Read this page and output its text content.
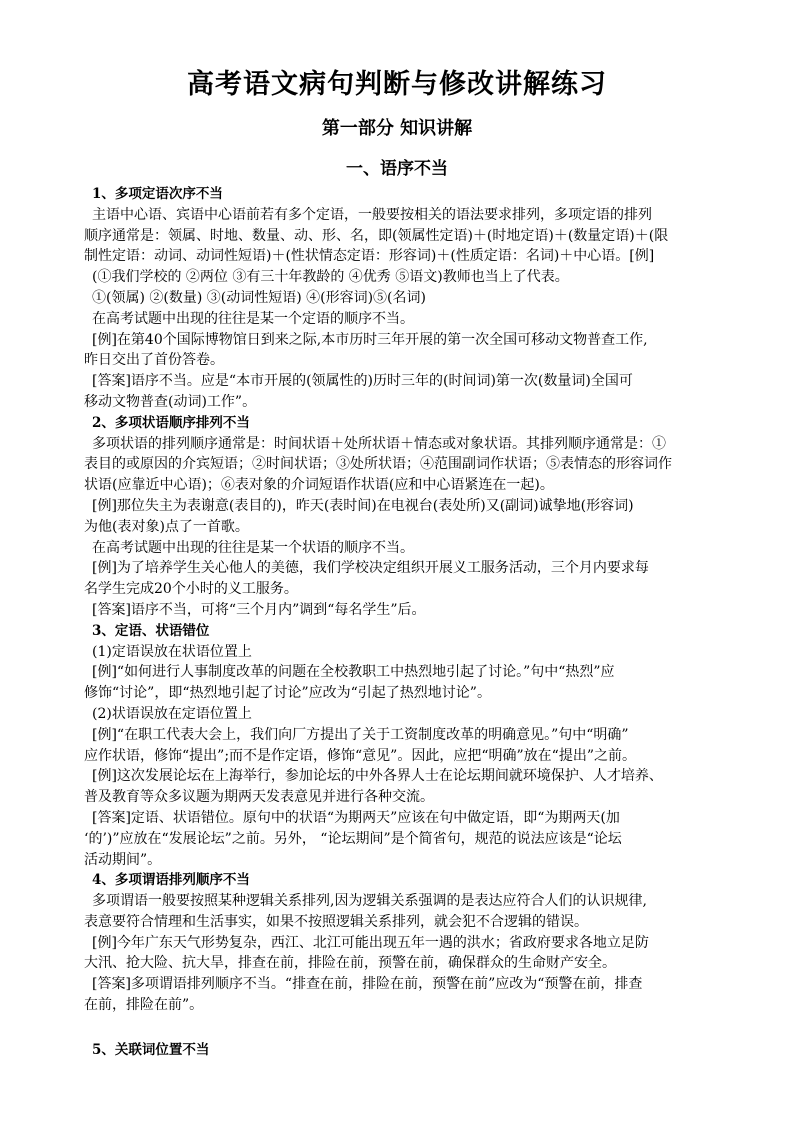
高考语文病句判断与修改讲解练习
第一部分 知识讲解
一、语序不当
1、多项定语次序不当
主语中心语、宾语中心语前若有多个定语，一般要按相关的语法要求排列，多项定语的排列
顺序通常是：领属、时地、数量、动、形、名，即(领属性定语)＋(时地定语)＋(数量定语)＋(限
制性定语：动词、动词性短语)＋(性状情态定语：形容词)＋(性质定语：名词)＋中心语。[例]
(①我们学校的 ②两位 ③有三十年教龄的 ④优秀 ⑤语文)教师也当上了代表。
①(领属) ②(数量) ③(动词性短语) ④(形容词)⑤(名词)
在高考试题中出现的往往是某一个定语的顺序不当。
[例]在第40个国际博物馆日到来之际,本市历时三年开展的第一次全国可移动文物普查工作,
昨日交出了首份答卷。
[答案]语序不当。应是“本市开展的(领属性的)历时三年的(时间词)第一次(数量词)全国可
移动文物普查(动词)工作”。
2、多项状语顺序排列不当
多项状语的排列顺序通常是：时间状语＋处所状语＋情态或对象状语。其排列顺序通常是：①
表目的或原因的介宾短语；②时间状语；③处所状语；④范围副词作状语；⑤表情态的形容词作
状语(应靠近中心语)；⑥表对象的介词短语作状语(应和中心语紧连在一起)。
[例]那位失主为表谢意(表目的)，昨天(表时间)在电视台(表处所)又(副词)诚挚地(形容词)
为他(表对象)点了一首歌。
在高考试题中出现的往往是某一个状语的顺序不当。
[例]为了培养学生关心他人的美德，我们学校决定组织开展义工服务活动，三个月内要求每
名学生完成20个小时的义工服务。
[答案]语序不当，可将“三个月内”调到“每名学生”后。
3、定语、状语错位
(1)定语误放在状语位置上
[例]“如何进行人事制度改革的问题在全校教职工中热烈地引起了讨论。”句中“热烈”应
修饰“讨论”，即“热烈地引起了讨论”应改为“引起了热烈地讨论”。
(2)状语误放在定语位置上
[例]“在职工代表大会上，我们向厂方提出了关于工资制度改革的明确意见。”句中“明确”
应作状语，修饰“提出”;而不是作定语，修饰“意见”。因此，应把“明确”放在“提出”之前。
[例]这次发展论坛在上海举行，参加论坛的中外各界人士在论坛期间就环境保护、人才培养、
普及教育等众多议题为期两天发表意见并进行各种交流。
[答案]定语、状语错位。原句中的状语“为期两天”应该在句中做定语，即“为期两天(加
‘的’)”应放在“发展论坛”之前。另外， “论坛期间”是个简省句，规范的说法应该是“论坛
活动期间”。
4、多项谓语排列顺序不当
多项谓语一般要按照某种逻辑关系排列,因为逻辑关系强调的是表达应符合人们的认识规律,
表意要符合情理和生活事实，如果不按照逻辑关系排列，就会犯不合逻辑的错误。
[例]今年广东天气形势复杂，西江、北江可能出现五年一遇的洪水；省政府要求各地立足防
大汛、抢大险、抗大旱，排查在前，排险在前，预警在前，确保群众的生命财产安全。
[答案]多项谓语排列顺序不当。“排查在前，排险在前，预警在前”应改为“预警在前，排查
在前，排险在前”。
5、关联词位置不当
